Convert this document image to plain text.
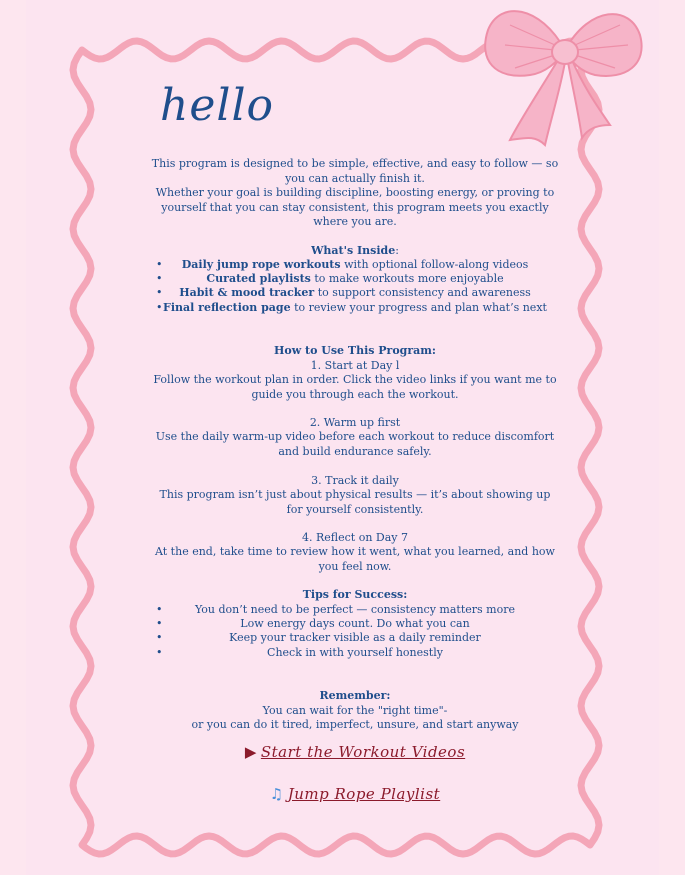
hello
This program is designed to be simple, effective, and easy to follow — so you can actually finish it.
Whether your goal is building discipline, boosting energy, or proving to yourself that you can stay consistent, this program meets you exactly where you are.
What's Inside:
• Daily jump rope workouts with optional follow-along videos
•	Curated playlists to make workouts more enjoyable
• Habit & mood tracker to support consistency and awareness
• Final reflection page to review your progress and plan what’s next
How to Use This Program:
1. Start at Day l
Follow the workout plan in order. Click the video links if you want me to guide you through each the workout.
2. Warm up first
Use the daily warm-up video before each workout to reduce discomfort and build endurance safely.
3. Track it daily
This program isn’t just about physical results — it’s about showing up for yourself consistently.
4. Reflect on Day 7
At the end, take time to review how it went, what you learned, and how you feel now.
Tips for Success:
•	You don’t need to be perfect — consistency matters more
•	Low energy days count. Do what you can
•	Keep your tracker visible as a daily reminder
•	Check in with yourself honestly
Remember:
You can wait for the "right time"-
or you can do it tired, imperfect, unsure, and start anyway
▶ Start the Workout Videos
♫ Jump Rope Playlist
